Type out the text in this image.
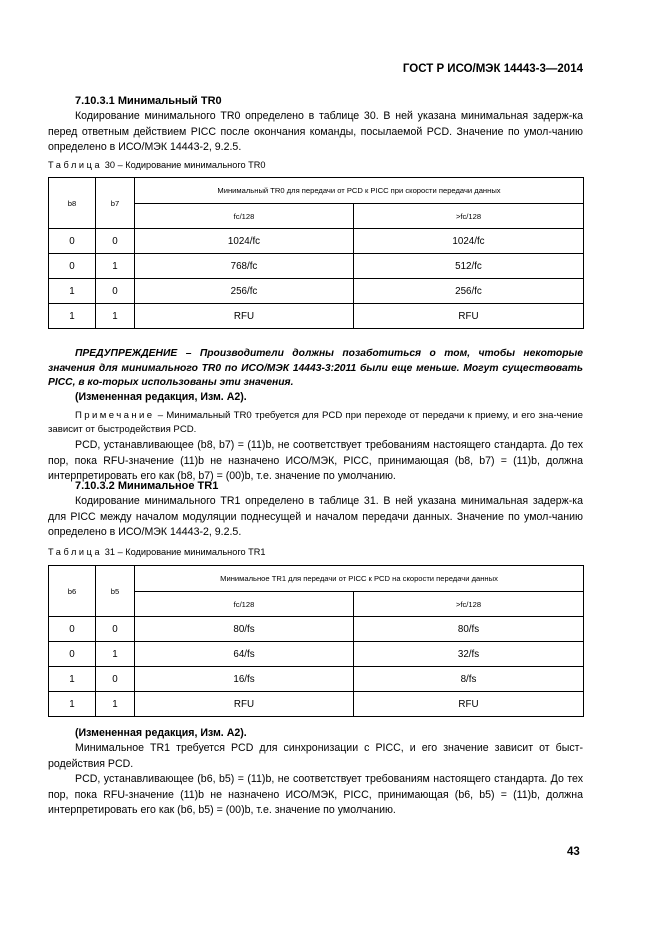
ГОСТ Р ИСО/МЭК 14443-3—2014
7.10.3.1 Минимальный TR0
Кодирование минимального TR0 определено в таблице 30. В ней указана минимальная задерж-ка перед ответным действием PICC после окончания команды, посылаемой PCD. Значение по умол-чанию определено в ИСО/МЭК 14443-2, 9.2.5.
Таблица 30 – Кодирование минимального TR0
b8	b7	Минимальный TR0 для передачи от PCD к PICC при скорости передачи данных	
		fc/128	>fc/128
0	0	1024/fc	1024/fc
0	1	768/fc	512/fc
1	0	256/fc	256/fc
1	1	RFU	RFU
ПРЕДУПРЕЖДЕНИЕ – Производители должны позаботиться о том, чтобы некоторые значения для минимального TR0 по ИСО/МЭК 14443-3:2011 были еще меньше. Могут существовать PICC, в ко-торых использованы эти значения.
(Измененная редакция, Изм. А2).
Примечание – Минимальный TR0 требуется для PCD при переходе от передачи к приему, и его зна-чение зависит от быстродействия PCD.
PCD, устанавливающее (b8, b7) = (11)b, не соответствует требованиям настоящего стандарта. До тех пор, пока RFU-значение (11)b не назначено ИСО/МЭК, PICC, принимающая (b8, b7) = (11)b, должна интерпретировать его как (b8, b7) = (00)b, т.е. значение по умолчанию.
7.10.3.2 Минимальное TR1
Кодирование минимального TR1 определено в таблице 31. В ней указана минимальная задерж-ка для PICC между началом модуляции поднесущей и началом передачи данных. Значение по умол-чанию определено в ИСО/МЭК 14443-2, 9.2.5.
Таблица 31 – Кодирование минимального TR1
b6	b5	Минимальное TR1 для передачи от PICC к PCD на скорости передачи данных	
		fc/128	>fc/128
0	0	80/fs	80/fs
0	1	64/fs	32/fs
1	0	16/fs	8/fs
1	1	RFU	RFU
(Измененная редакция, Изм. А2).
Минимальное TR1 требуется PCD для синхронизации с PICC, и его значение зависит от быст-родействия PCD.
PCD, устанавливающее (b6, b5) = (11)b, не соответствует требованиям настоящего стандарта. До тех пор, пока RFU-значение (11)b не назначено ИСО/МЭК, PICC, принимающая (b6, b5) = (11)b, должна интерпретировать его как (b6, b5) = (00)b, т.е. значение по умолчанию.
43
